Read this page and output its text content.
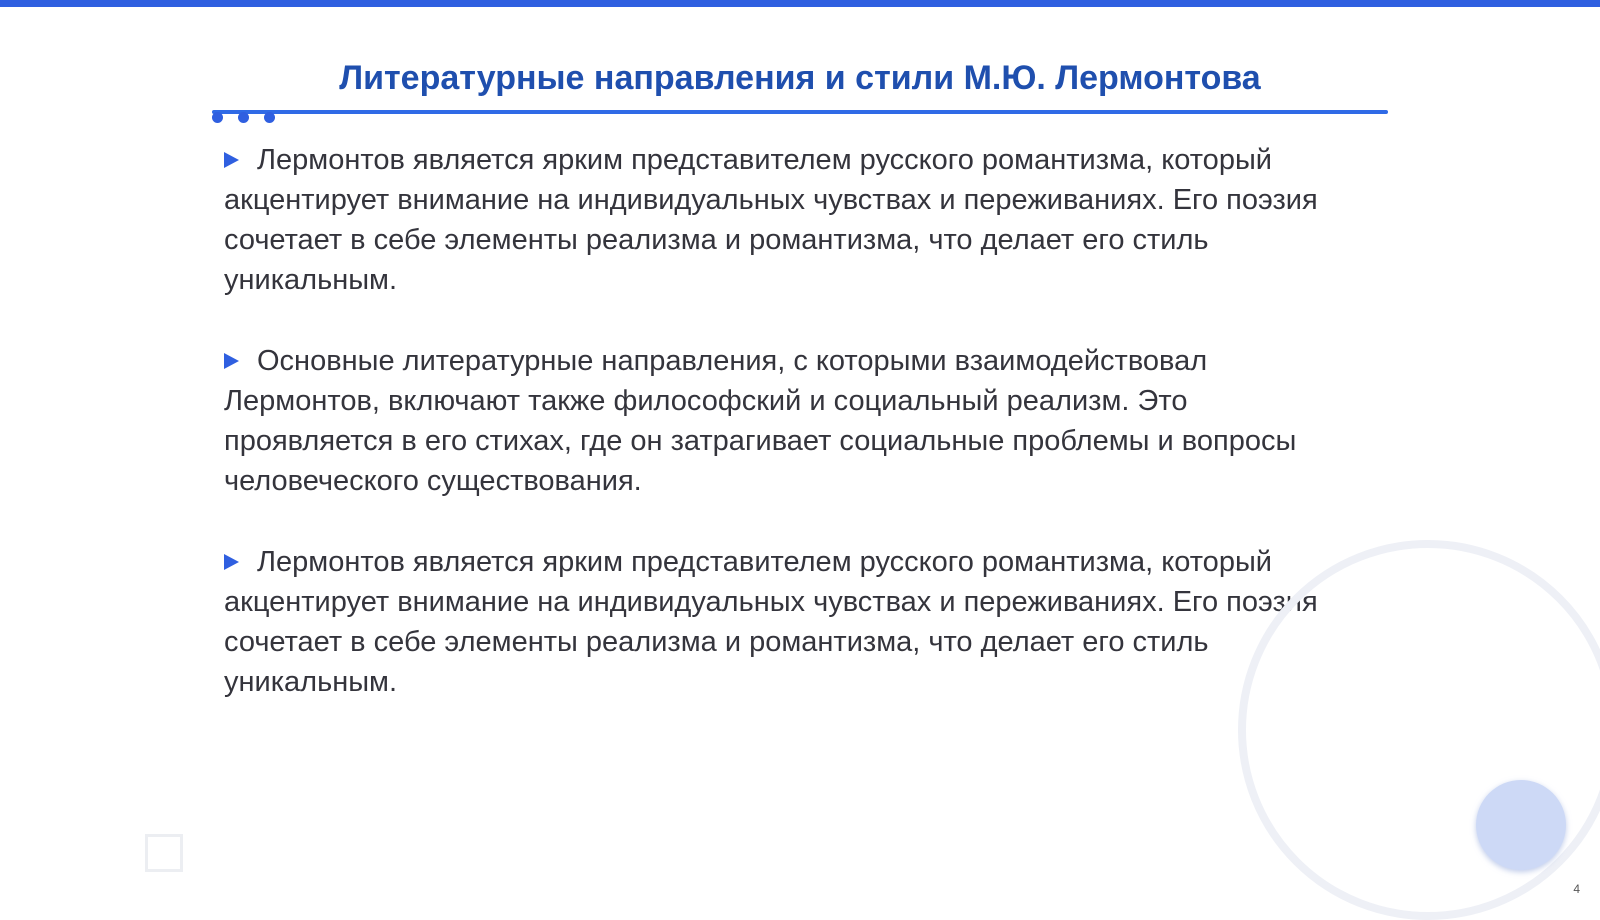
Литературные направления и стили М.Ю. Лермонтова
Лермонтов является ярким представителем русского романтизма, который акцентирует внимание на индивидуальных чувствах и переживаниях. Его поэзия сочетает в себе элементы реализма и романтизма, что делает его стиль уникальным.
Основные литературные направления, с которыми взаимодействовал Лермонтов, включают также философский и социальный реализм. Это проявляется в его стихах, где он затрагивает социальные проблемы и вопросы человеческого существования.
Лермонтов является ярким представителем русского романтизма, который акцентирует внимание на индивидуальных чувствах и переживаниях. Его поэзия сочетает в себе элементы реализма и романтизма, что делает его стиль уникальным.
4
